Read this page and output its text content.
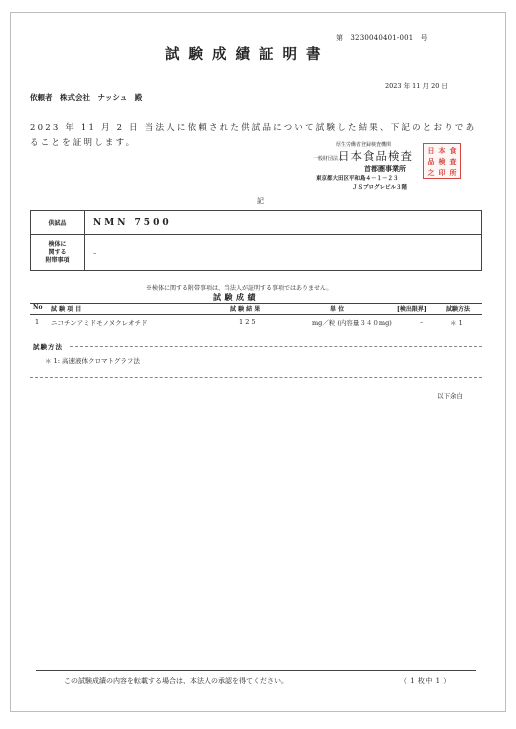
第　3230040401-001　号
試験成績証明書
2023 年 11 月 20 日
依頼者　株式会社　ナッシュ　殿
2023 年 11 月 2 日 当法人に依頼された供試品について試験した結果、下記のとおりであることを証明します。	厚生労働省登録検査機関
一般財団法人
日本食品検査
首都圏事業所
東京都大田区平和島４－１－２３
ＪＳプログレビル３階
日 本 食
品 検 査
之 印 所
記
供試品	NMN 7500

検体に
関する
附帯事項	–
※検体に関する附帯事項は、当法人が証明する事項ではありません。
試験成績
No 試 験 項 目	試 験 結 果	単 位	[検出限界]	試験方法
1 ニコチンアミドモノヌクレオチド	1 2 5	mg／粒 (内容量３４０mg)	–	＊ 1
試験方法
＊ 1: 高速液体クロマトグラフ法
以下余白
この試験成績の内容を転載する場合は、本法人の承認を得てください。	（ 1 枚中 1 ）
